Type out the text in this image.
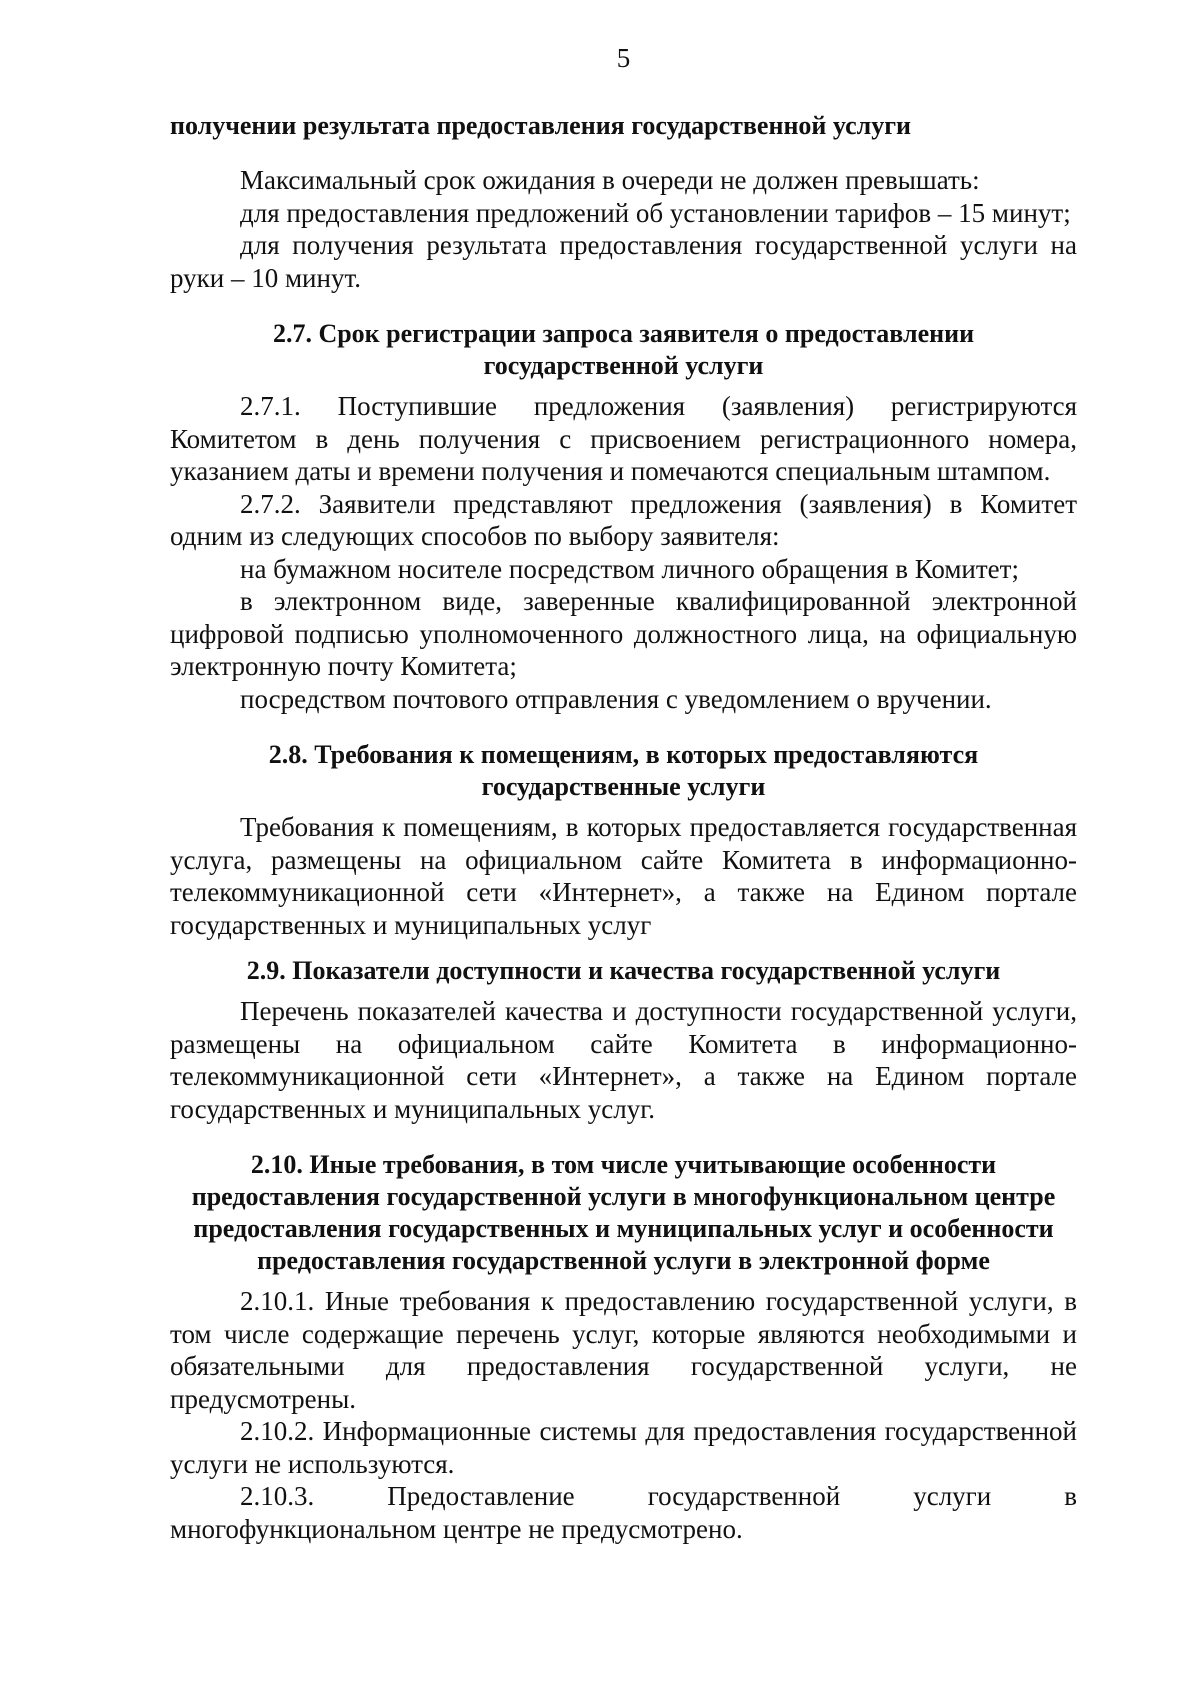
5
получении результата предоставления государственной услуги

Максимальный срок ожидания в очереди не должен превышать:

для предоставления предложений об установлении тарифов – 15 минут;

для получения результата предоставления государственной услуги на руки – 10 минут.

2.7. Срок регистрации запроса заявителя о предоставлении
государственной услуги

2.7.1. Поступившие предложения (заявления) регистрируются Комитетом в день получения с присвоением регистрационного номера, указанием даты и времени получения и помечаются специальным штампом.

2.7.2. Заявители представляют предложения (заявления) в Комитет одним из следующих способов по выбору заявителя:

на бумажном носителе посредством личного обращения в Комитет;

в электронном виде, заверенные квалифицированной электронной цифровой подписью уполномоченного должностного лица, на официальную электронную почту Комитета;

посредством почтового отправления с уведомлением о вручении.

2.8. Требования к помещениям, в которых предоставляются
государственные услуги

Требования к помещениям, в которых предоставляется государственная услуга, размещены на официальном сайте Комитета в информационно-телекоммуникационной сети «Интернет», а также на Едином портале государственных и муниципальных услуг

2.9. Показатели доступности и качества государственной услуги

Перечень показателей качества и доступности государственной услуги, размещены на официальном сайте Комитета в информационно-телекоммуникационной сети «Интернет», а также на Едином портале государственных и муниципальных услуг.

2.10. Иные требования, в том числе учитывающие особенности
предоставления государственной услуги в многофункциональном центре
предоставления государственных и муниципальных услуг и особенности
предоставления государственной услуги в электронной форме

2.10.1. Иные требования к предоставлению государственной услуги, в том числе содержащие перечень услуг, которые являются необходимыми и обязательными для предоставления государственной услуги, не предусмотрены.

2.10.2. Информационные системы для предоставления государственной услуги не используются.

2.10.3. Предоставление государственной услуги в многофункциональном центре не предусмотрено.
